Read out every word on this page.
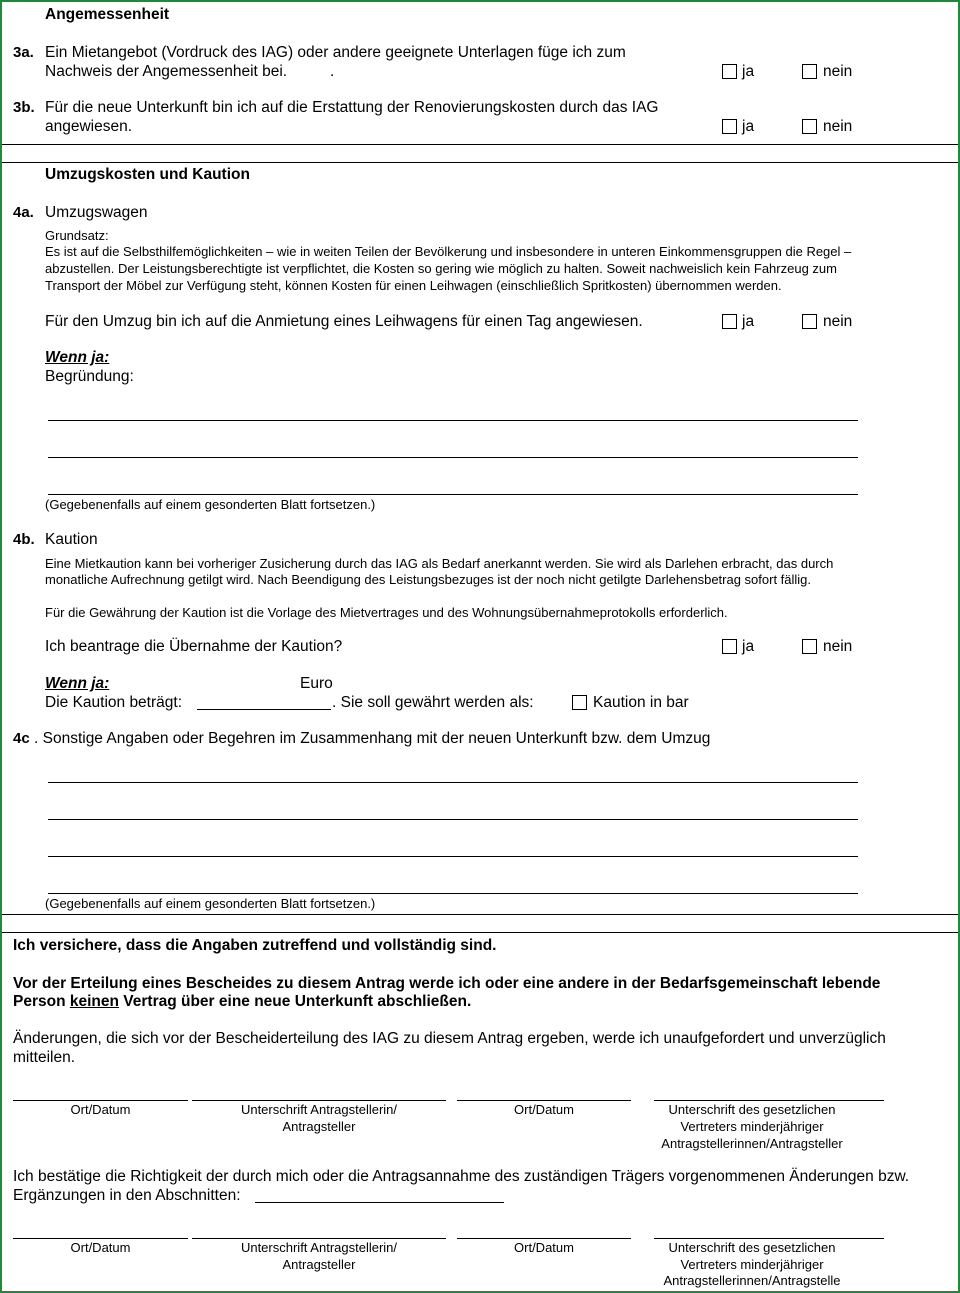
Angemessenheit
3a. Ein Mietangebot (Vordruck des IAG) oder andere geeignete Unterlagen füge ich zum
Nachweis der Angemessenheit bei.	.	ja	nein
3b. Für die neue Unterkunft bin ich auf die Erstattung der Renovierungskosten durch das IAG
angewiesen.	ja	nein
Umzugskosten und Kaution
4a. Umzugswagen
Grundsatz:
Es ist auf die Selbsthilfemöglichkeiten – wie in weiten Teilen der Bevölkerung und insbesondere in unteren Einkommensgruppen die Regel –
abzustellen. Der Leistungsberechtigte ist verpflichtet, die Kosten so gering wie möglich zu halten. Soweit nachweislich kein Fahrzeug zum
Transport der Möbel zur Verfügung steht, können Kosten für einen Leihwagen (einschließlich Spritkosten) übernommen werden.
Für den Umzug bin ich auf die Anmietung eines Leihwagens für einen Tag angewiesen.	ja	nein
Wenn ja:
Begründung:
(Gegebenenfalls auf einem gesonderten Blatt fortsetzen.)
4b. Kaution
Eine Mietkaution kann bei vorheriger Zusicherung durch das IAG als Bedarf anerkannt werden. Sie wird als Darlehen erbracht, das durch
monatliche Aufrechnung getilgt wird. Nach Beendigung des Leistungsbezuges ist der noch nicht getilgte Darlehensbetrag sofort fällig.
Für die Gewährung der Kaution ist die Vorlage des Mietvertrages und des Wohnungsübernahmeprotokolls erforderlich.
Ich beantrage die Übernahme der Kaution?	ja	nein
Wenn ja:	Euro
Die Kaution beträgt:	. Sie soll gewährt werden als:	Kaution in bar
4c . Sonstige Angaben oder Begehren im Zusammenhang mit der neuen Unterkunft bzw. dem Umzug
(Gegebenenfalls auf einem gesonderten Blatt fortsetzen.)
Ich versichere, dass die Angaben zutreffend und vollständig sind.
Vor der Erteilung eines Bescheides zu diesem Antrag werde ich oder eine andere in der Bedarfsgemeinschaft lebende
Person keinen Vertrag über eine neue Unterkunft abschließen.
Änderungen, die sich vor der Bescheiderteilung des IAG zu diesem Antrag ergeben, werde ich unaufgefordert und unverzüglich
mitteilen.
Ort/Datum	Unterschrift Antragstellerin/
Antragsteller
Ort/Datum	Unterschrift des gesetzlichen
Vertreters minderjähriger
Antragstellerinnen/Antragsteller
Ich bestätige die Richtigkeit der durch mich oder die Antragsannahme des zuständigen Trägers vorgenommenen Änderungen bzw.
Ergänzungen in den Abschnitten:
Ort/Datum	Unterschrift Antragstellerin/
Antragsteller
Ort/Datum	Unterschrift des gesetzlichen
Vertreters minderjähriger
Antragstellerinnen/Antragstelle
